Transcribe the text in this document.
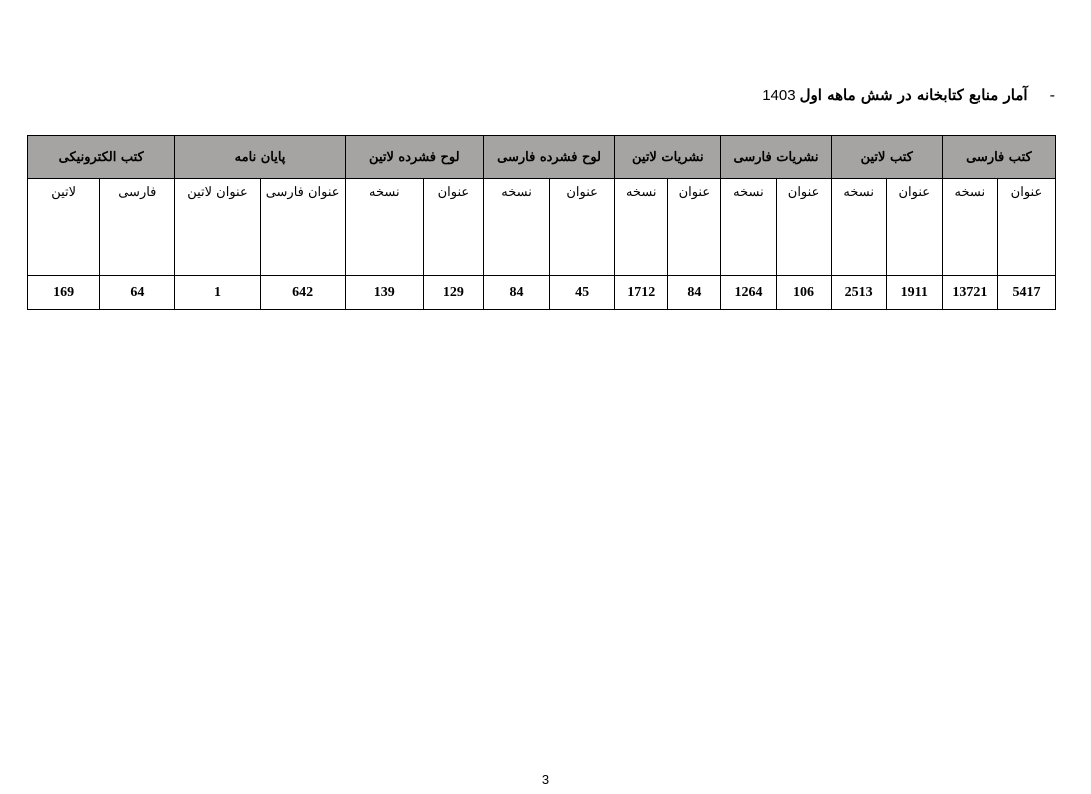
-
آمار منابع کتابخانه در شش ماهه اول
1403
کتب فارسی		کتب لاتین		نشریات فارسی		نشریات لاتین		لوح فشرده فارسی		لوح فشرده لاتین		پایان نامه		کتب الکترونیکی	
عنوان	نسخه	عنوان	نسخه	عنوان	نسخه	عنوان	نسخه	عنوان	نسخه	عنوان	نسخه	عنوان فارسی	عنوان لاتین	فارسی	لاتین
5417	13721	1911	2513	106	1264	84	1712	45	84	129	139	642	1	64	169
3
